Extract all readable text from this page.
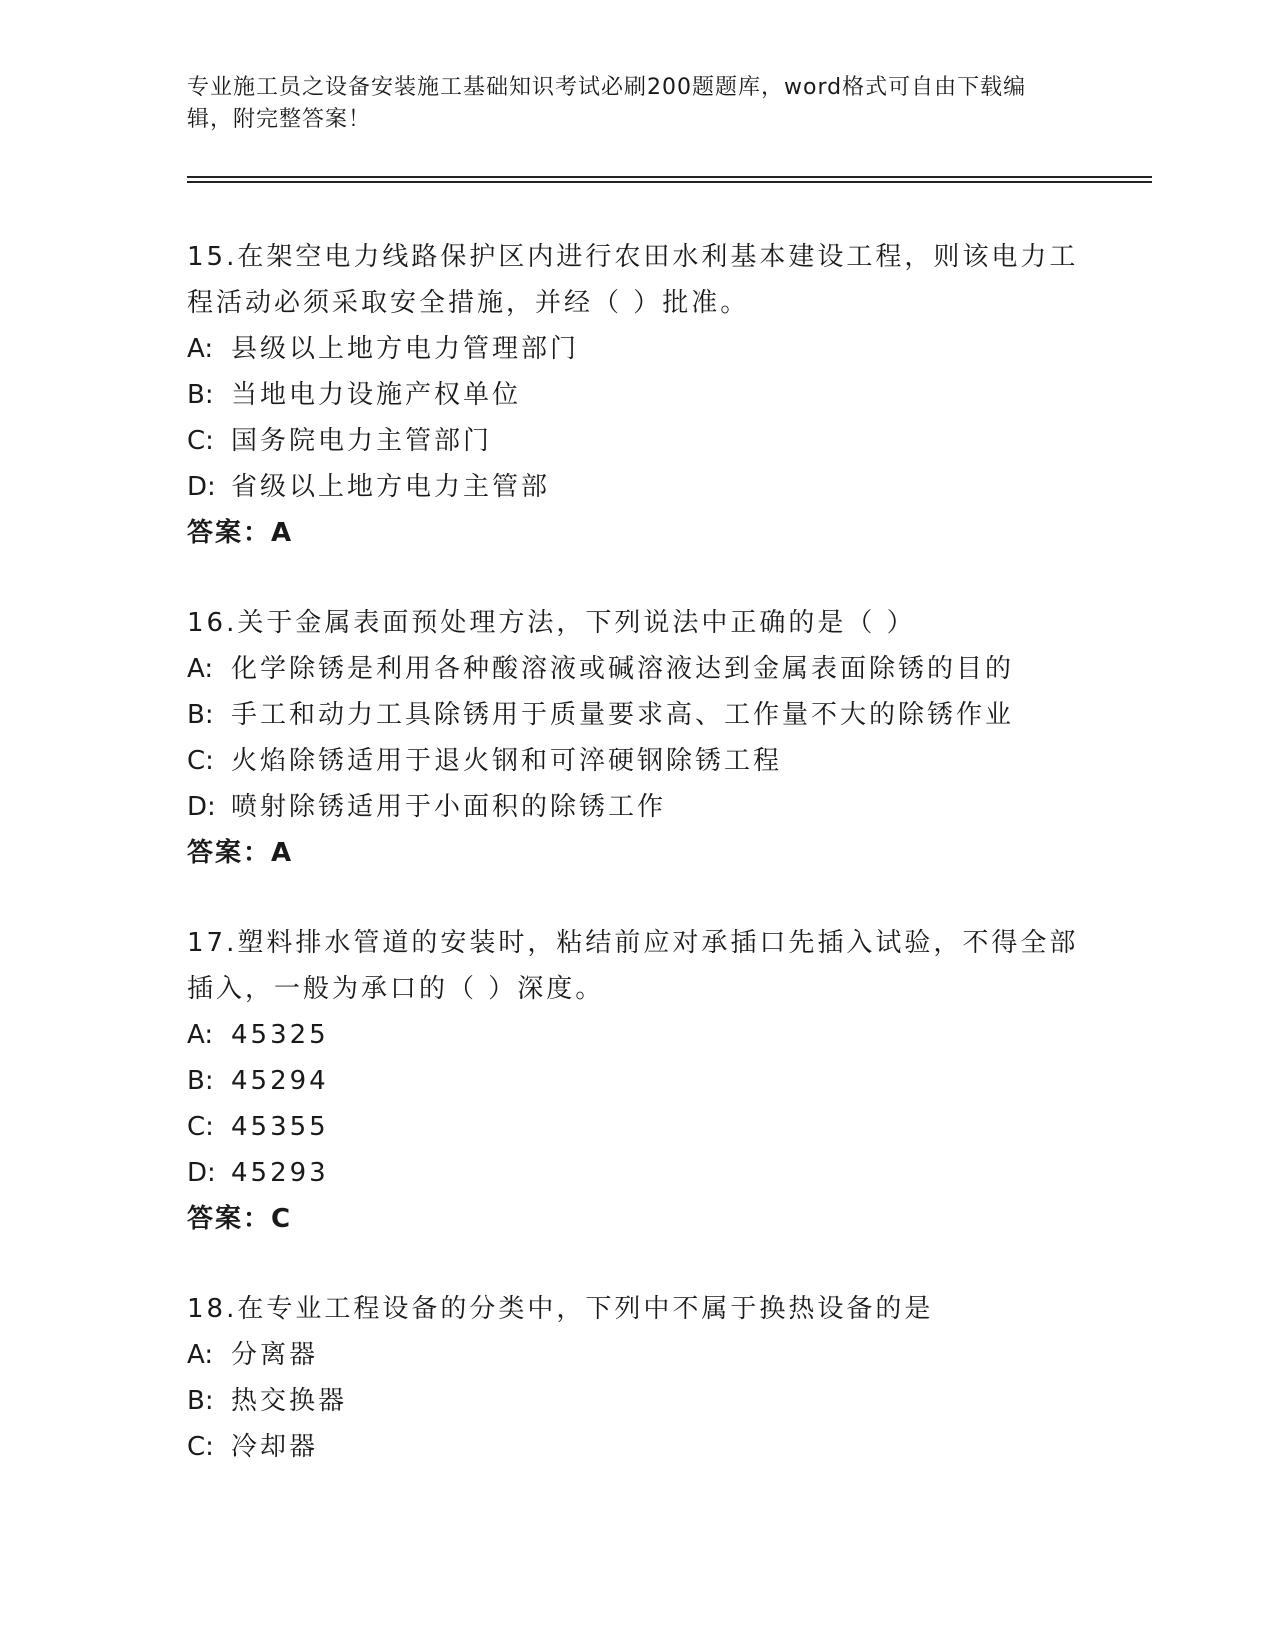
专业施工员之设备安装施工基础知识考试必刷200题题库，word格式可自由下载编辑，附完整答案！

15.在架空电力线路保护区内进行农田水利基本建设工程，则该电力工程活动必须采取安全措施，并经（ ）批准。

A: 县级以上地方电力管理部门
B: 当地电力设施产权单位
C: 国务院电力主管部门
D: 省级以上地方电力主管部
答案：A

16.关于金属表面预处理方法，下列说法中正确的是（ ）

A: 化学除锈是利用各种酸溶液或碱溶液达到金属表面除锈的目的
B: 手工和动力工具除锈用于质量要求高、工作量不大的除锈作业
C: 火焰除锈适用于退火钢和可淬硬钢除锈工程
D: 喷射除锈适用于小面积的除锈工作
答案：A

17.塑料排水管道的安装时，粘结前应对承插口先插入试验，不得全部插入，一般为承口的（ ）深度。

A: 45325
B: 45294
C: 45355
D: 45293
答案：C

18.在专业工程设备的分类中，下列中不属于换热设备的是

A: 分离器
B: 热交换器
C: 冷却器
